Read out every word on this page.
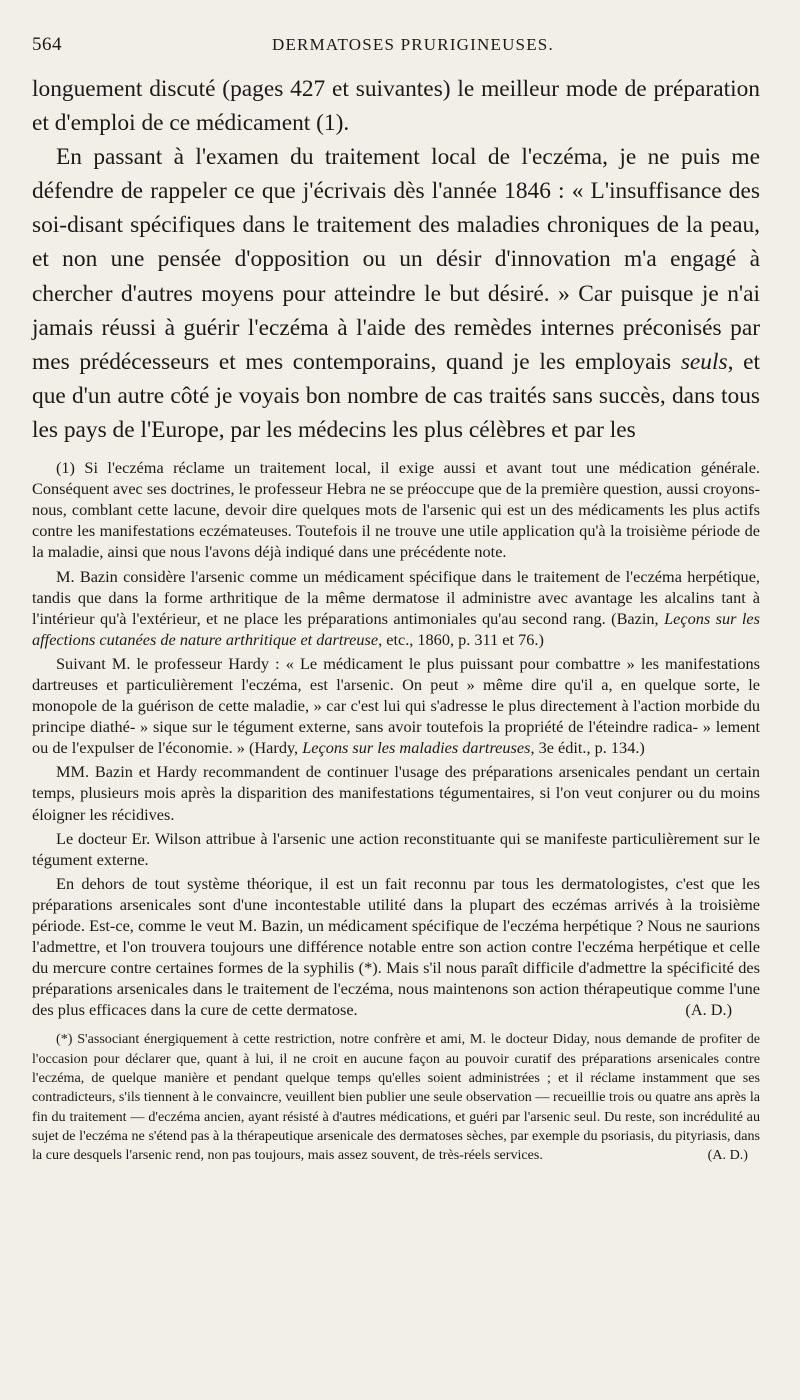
564	DERMATOSES PRURIGINEUSES.

longuement discuté (pages 427 et suivantes) le meilleur mode de préparation et d'emploi de ce médicament (1).

En passant à l'examen du traitement local de l'eczéma, je ne puis me défendre de rappeler ce que j'écrivais dès l'année 1846 : « L'insuffisance des soi-disant spécifiques dans le traitement des maladies chroniques de la peau, et non une pensée d'opposition ou un désir d'innovation m'a engagé à chercher d'autres moyens pour atteindre le but désiré. » Car puisque je n'ai jamais réussi à guérir l'eczéma à l'aide des remèdes internes préconisés par mes prédécesseurs et mes contemporains, quand je les employais seuls, et que d'un autre côté je voyais bon nombre de cas traités sans succès, dans tous les pays de l'Europe, par les médecins les plus célèbres et par les

(1) Si l'eczéma réclame un traitement local, il exige aussi et avant tout une médication générale. Conséquent avec ses doctrines, le professeur Hebra ne se préoccupe que de la première question, aussi croyons-nous, comblant cette lacune, devoir dire quelques mots de l'arsenic qui est un des médicaments les plus actifs contre les manifestations eczémateuses. Toutefois il ne trouve une utile application qu'à la troisième période de la maladie, ainsi que nous l'avons déjà indiqué dans une précédente note.

M. Bazin considère l'arsenic comme un médicament spécifique dans le traitement de l'eczéma herpétique, tandis que dans la forme arthritique de la même dermatose il administre avec avantage les alcalins tant à l'intérieur qu'à l'extérieur, et ne place les préparations antimoniales qu'au second rang. (Bazin, Leçons sur les affections cutanées de nature arthritique et dartreuse, etc., 1860, p. 311 et 76.)

Suivant M. le professeur Hardy : « Le médicament le plus puissant pour combattre » les manifestations dartreuses et particulièrement l'eczéma, est l'arsenic. On peut » même dire qu'il a, en quelque sorte, le monopole de la guérison de cette maladie, » car c'est lui qui s'adresse le plus directement à l'action morbide du principe diathé- » sique sur le tégument externe, sans avoir toutefois la propriété de l'éteindre radica- » lement ou de l'expulser de l'économie. » (Hardy, Leçons sur les maladies dartreuses, 3e édit., p. 134.)

MM. Bazin et Hardy recommandent de continuer l'usage des préparations arsenicales pendant un certain temps, plusieurs mois après la disparition des manifestations tégumentaires, si l'on veut conjurer ou du moins éloigner les récidives.

Le docteur Er. Wilson attribue à l'arsenic une action reconstituante qui se manifeste particulièrement sur le tégument externe.

En dehors de tout système théorique, il est un fait reconnu par tous les dermatologistes, c'est que les préparations arsenicales sont d'une incontestable utilité dans la plupart des eczémas arrivés à la troisième période. Est-ce, comme le veut M. Bazin, un médicament spécifique de l'eczéma herpétique ? Nous ne saurions l'admettre, et l'on trouvera toujours une différence notable entre son action contre l'eczéma herpétique et celle du mercure contre certaines formes de la syphilis (*). Mais s'il nous paraît difficile d'admettre la spécificité des préparations arsenicales dans le traitement de l'eczéma, nous maintenons son action thérapeutique comme l'une des plus efficaces dans la cure de cette dermatose.	(A. D.)

(*) S'associant énergiquement à cette restriction, notre confrère et ami, M. le docteur Diday, nous demande de profiter de l'occasion pour déclarer que, quant à lui, il ne croit en aucune façon au pouvoir curatif des préparations arsenicales contre l'eczéma, de quelque manière et pendant quelque temps qu'elles soient administrées ; et il réclame instamment que ses contradicteurs, s'ils tiennent à le convaincre, veuillent bien publier une seule observation — recueillie trois ou quatre ans après la fin du traitement — d'eczéma ancien, ayant résisté à d'autres médications, et guéri par l'arsenic seul. Du reste, son incrédulité au sujet de l'eczéma ne s'étend pas à la thérapeutique arsenicale des dermatoses sèches, par exemple du psoriasis, du pityriasis, dans la cure desquels l'arsenic rend, non pas toujours, mais assez souvent, de très-réels services.	(A. D.)
